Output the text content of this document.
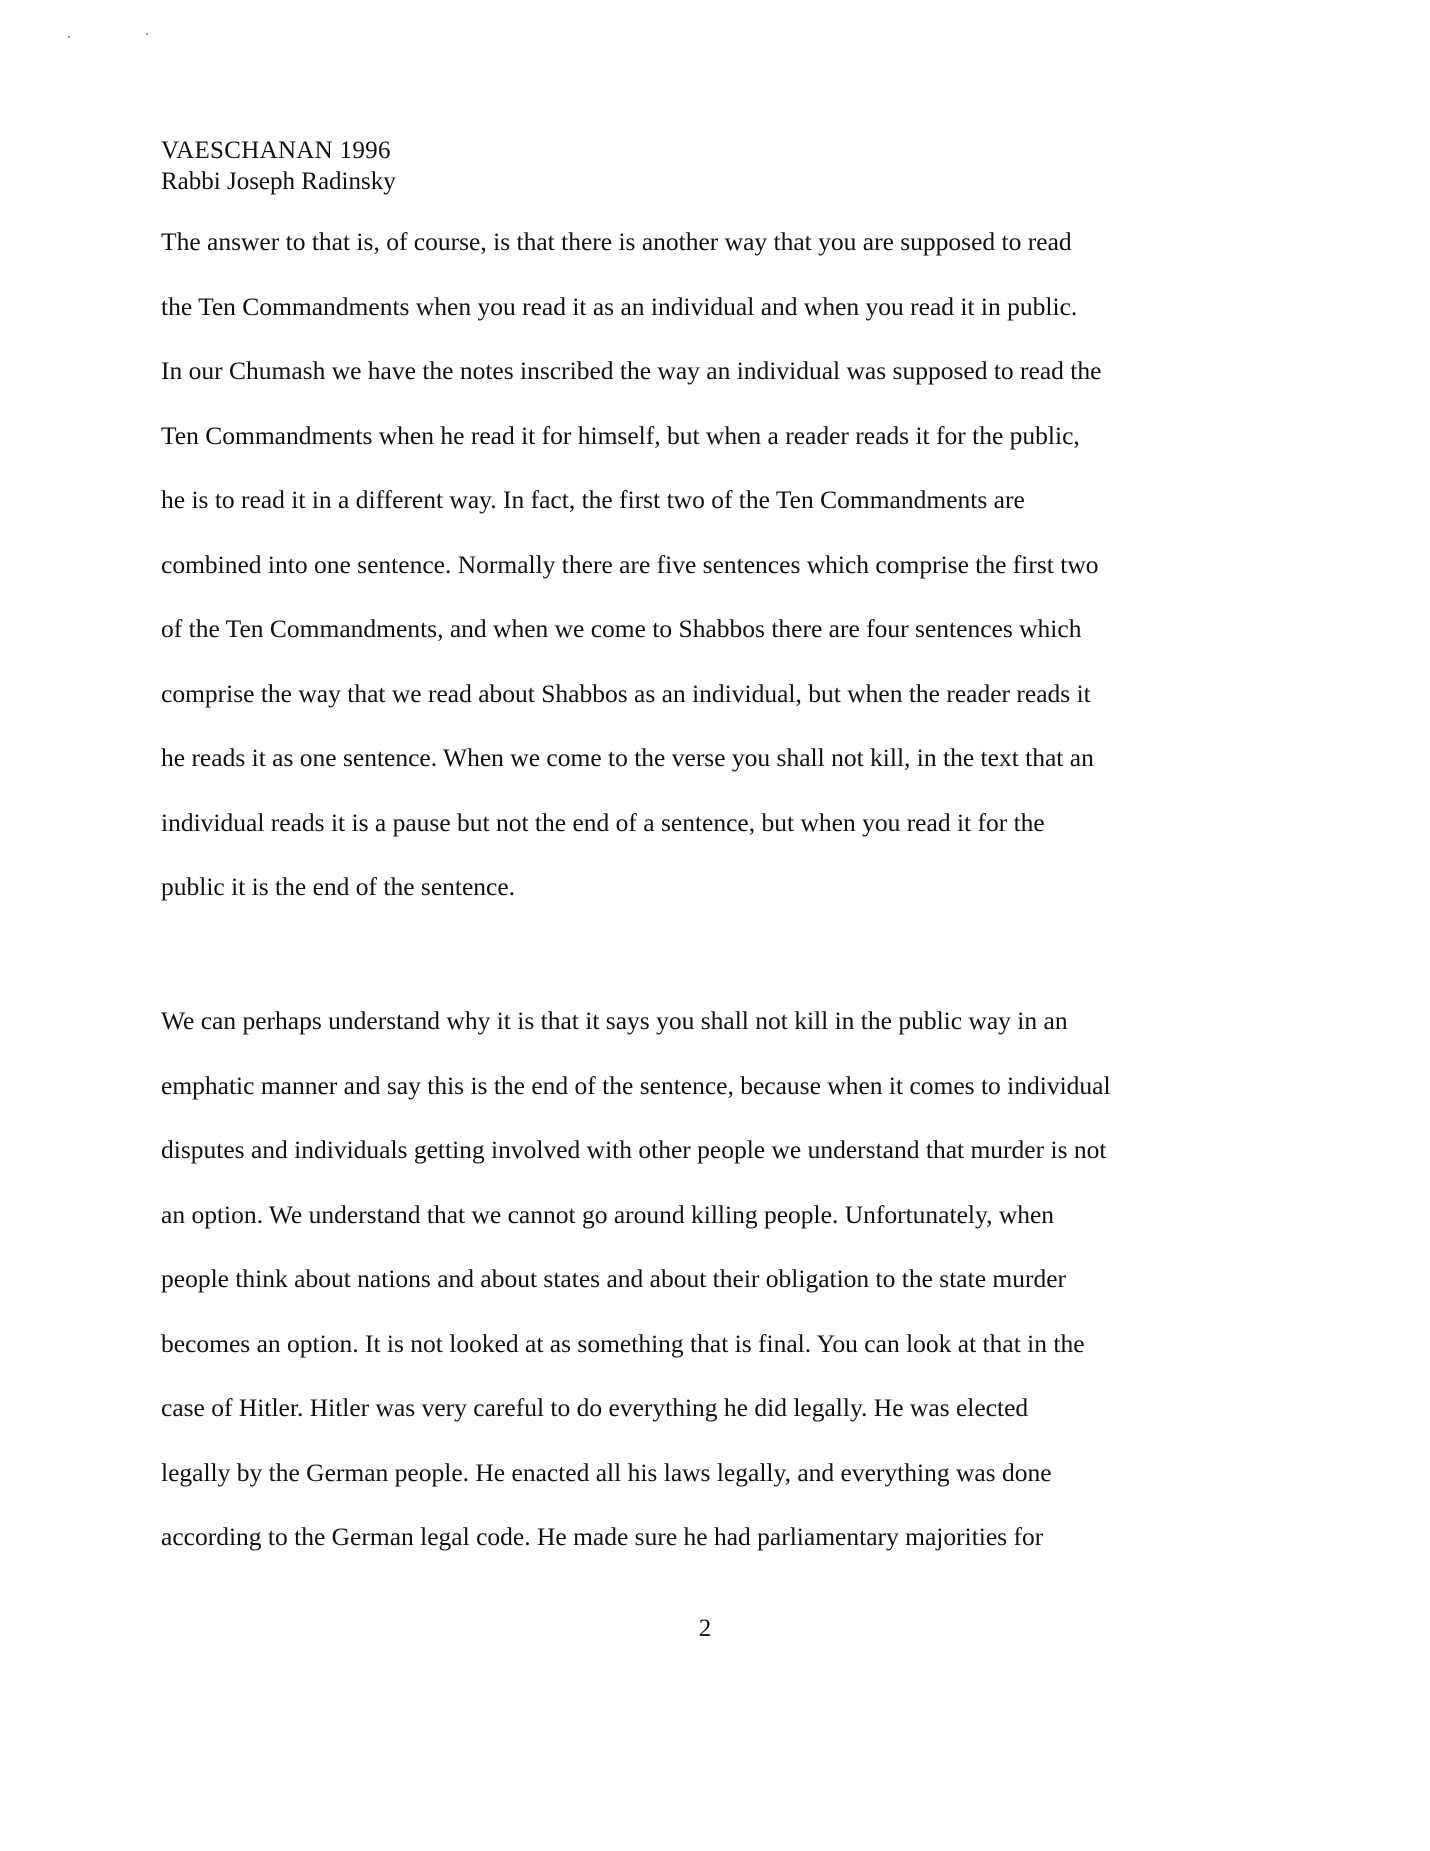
VAESCHANAN 1996
Rabbi Joseph Radinsky
The answer to that is, of course, is that there is another way that you are supposed to read
the Ten Commandments when you read it as an individual and when you read it in public.
In our Chumash we have the notes inscribed the way an individual was supposed to read the
Ten Commandments when he read it for himself, but when a reader reads it for the public,
he is to read it in a different way. In fact, the first two of the Ten Commandments are
combined into one sentence. Normally there are five sentences which comprise the first two
of the Ten Commandments, and when we come to Shabbos there are four sentences which
comprise the way that we read about Shabbos as an individual, but when the reader reads it
he reads it as one sentence. When we come to the verse you shall not kill, in the text that an
individual reads it is a pause but not the end of a sentence, but when you read it for the
public it is the end of the sentence.
We can perhaps understand why it is that it says you shall not kill in the public way in an
emphatic manner and say this is the end of the sentence, because when it comes to individual
disputes and individuals getting involved with other people we understand that murder is not
an option. We understand that we cannot go around killing people. Unfortunately, when
people think about nations and about states and about their obligation to the state murder
becomes an option. It is not looked at as something that is final. You can look at that in the
case of Hitler. Hitler was very careful to do everything he did legally. He was elected
legally by the German people. He enacted all his laws legally, and everything was done
according to the German legal code. He made sure he had parliamentary majorities for
2
